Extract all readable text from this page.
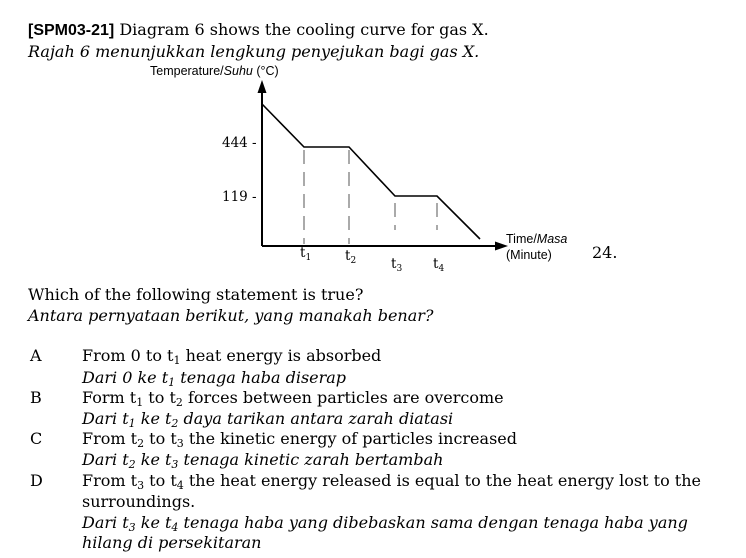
[SPM03-21] Diagram 6 shows the cooling curve for gas X.
Rajah 6 menunjukkan lengkung penyejukan bagi gas X.
Temperature/Suhu (°C)
444 -
119 -
$t_1$	$t_2$	$t_3$ $t_4$
Time/Masa
(Minute)	24.
Which of the following statement is true?
Antara pernyataan berikut, yang manakah benar?
A	From 0 to $t_1$ heat energy is absorbed
Dari 0 ke $t_1$ tenaga haba diserap
B	Form $t_1$ to $t_2$ forces between particles are overcome
Dari $t_1$ ke $t_2$ daya tarikan antara zarah diatasi
C From $t_2$ to $t_3$ the kinetic energy of particles increased
Dari $t_2$ ke $t_3$ tenaga kinetic zarah bertambah
D From $t_3$ to $t_4$ the heat energy released is equal to the heat energy lost to the
surroundings.
Dari $t_3$ ke $t_4$ tenaga haba yang dibebaskan sama dengan tenaga haba yang
hilang di persekitaran
